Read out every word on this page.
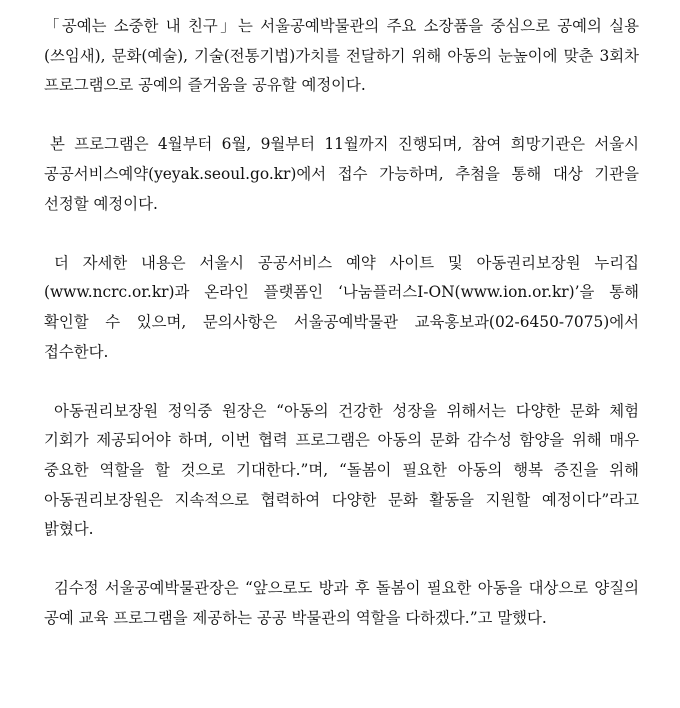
「공예는 소중한 내 친구」는 서울공예박물관의 주요 소장품을 중심으로 공예의 실용(쓰임새), 문화(예술), 기술(전통기법)가치를 전달하기 위해 아동의 눈높이에 맞춘 3회차 프로그램으로 공예의 즐거움을 공유할 예정이다.

본 프로그램은 4월부터 6월, 9월부터 11월까지 진행되며, 참여 희망기관은 서울시 공공서비스예약(yeyak.seoul.go.kr)에서 접수 가능하며, 추첨을 통해 대상 기관을 선정할 예정이다.

더 자세한 내용은 서울시 공공서비스 예약 사이트 및 아동권리보장원 누리집(www.ncrc.or.kr)과 온라인 플랫폼인 ‘나눔플러스I-ON(www.ion.or.kr)’을 통해 확인할 수 있으며, 문의사항은 서울공예박물관 교육홍보과(02-6450-7075)에서 접수한다.

아동권리보장원 정익중 원장은 “아동의 건강한 성장을 위해서는 다양한 문화 체험 기회가 제공되어야 하며, 이번 협력 프로그램은 아동의 문화 감수성 함양을 위해 매우 중요한 역할을 할 것으로 기대한다.”며, “돌봄이 필요한 아동의 행복 증진을 위해 아동권리보장원은 지속적으로 협력하여 다양한 문화 활동을 지원할 예정이다”라고 밝혔다.

김수정 서울공예박물관장은 “앞으로도 방과 후 돌봄이 필요한 아동을 대상으로 양질의 공예 교육 프로그램을 제공하는 공공 박물관의 역할을 다하겠다.”고 말했다.
